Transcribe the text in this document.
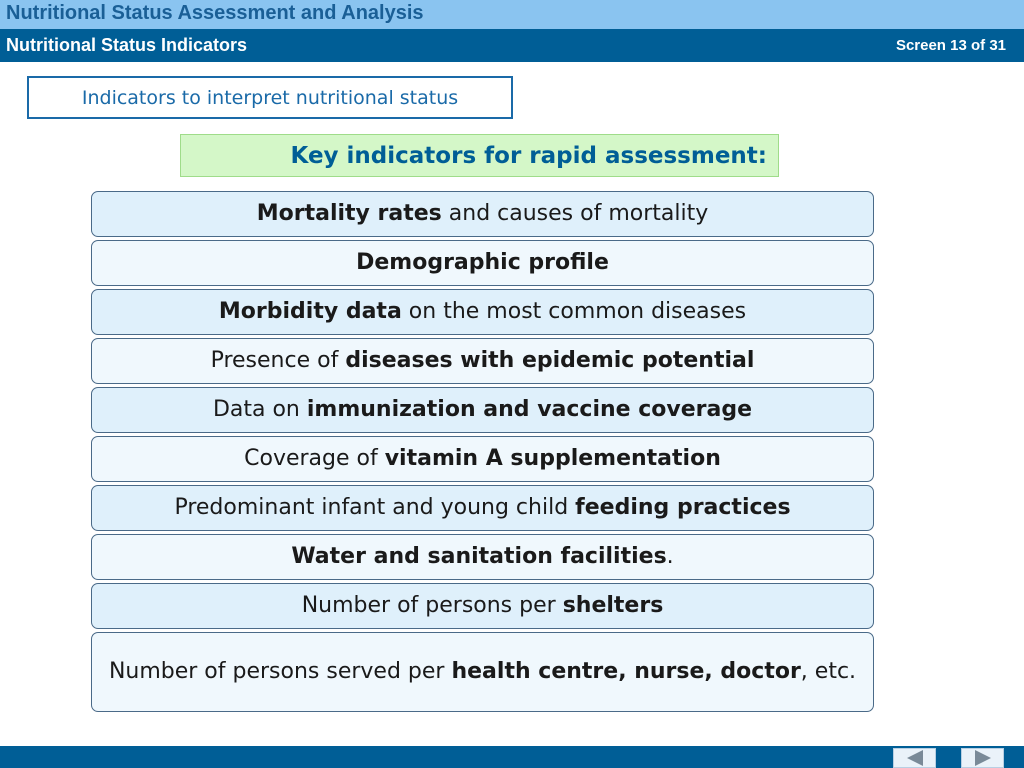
Nutritional Status Assessment and Analysis
Nutritional Status Indicators	Screen 13 of 31
Indicators to interpret nutritional status
Key indicators for rapid assessment:
Mortality rates and causes of mortality
Demographic profile
Morbidity data on the most common diseases
Presence of diseases with epidemic potential
Data on immunization and vaccine coverage
Coverage of vitamin A supplementation
Predominant infant and young child feeding practices
Water and sanitation facilities.
Number of persons per shelters
Number of persons served per health centre, nurse, doctor, etc.
